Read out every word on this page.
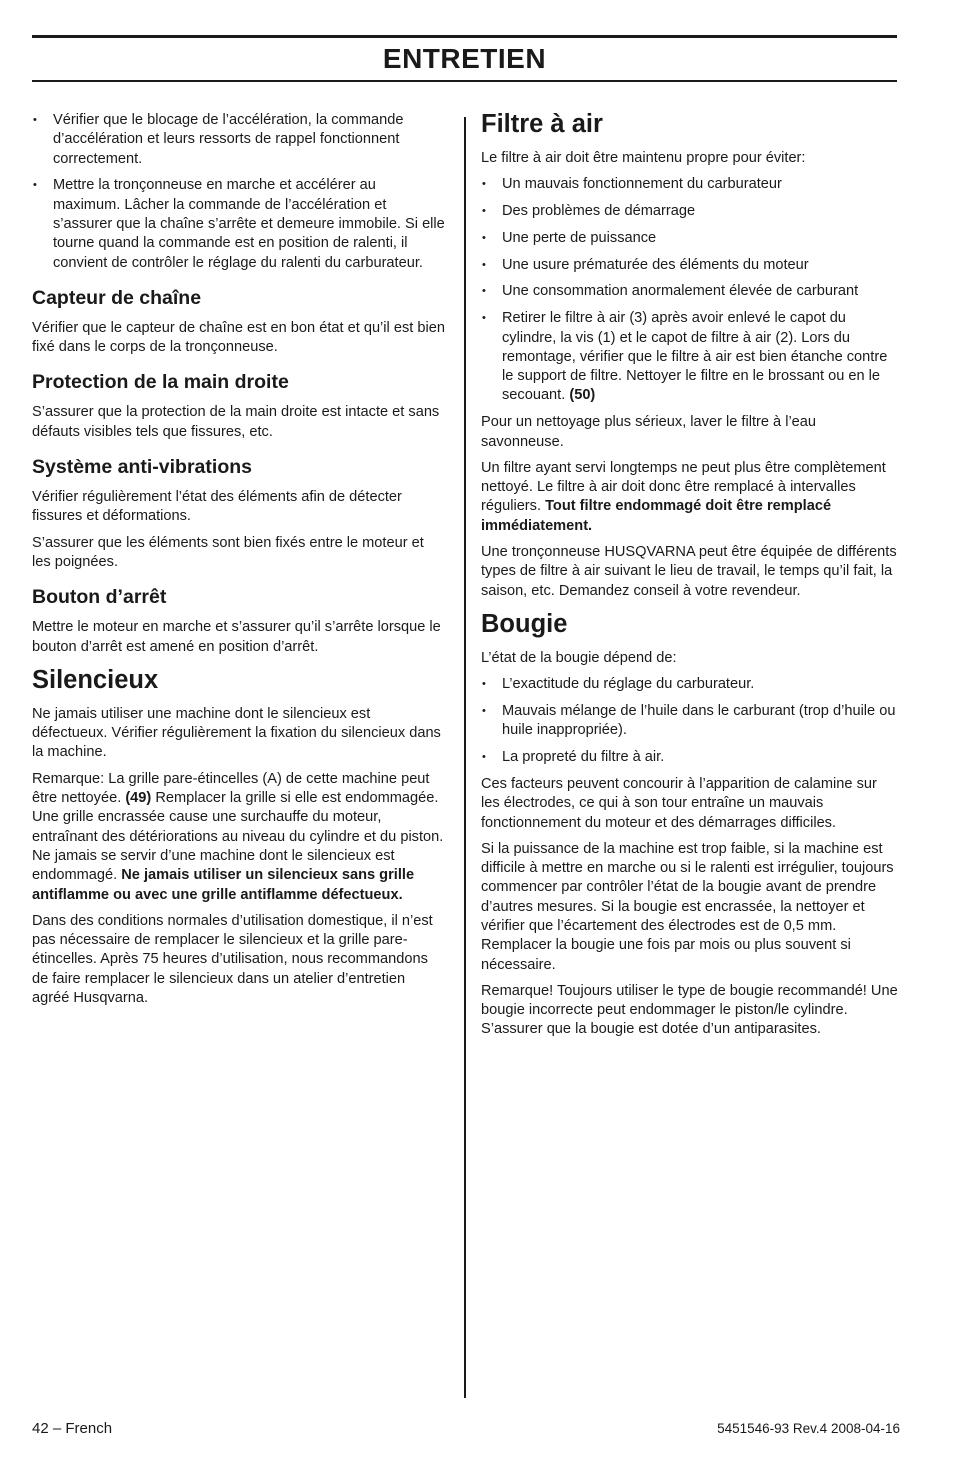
ENTRETIEN
• Vérifier que le blocage de l’accélération, la commande d’accélération et leurs ressorts de rappel fonctionnent correctement.
• Mettre la tronçonneuse en marche et accélérer au maximum. Lâcher la commande de l’accélération et s’assurer que la chaîne s’arrête et demeure immobile. Si elle tourne quand la commande est en position de ralenti, il convient de contrôler le réglage du ralenti du carburateur.
Capteur de chaîne

Vérifier que le capteur de chaîne est en bon état et qu’il est bien fixé dans le corps de la tronçonneuse.

Protection de la main droite

S’assurer que la protection de la main droite est intacte et sans défauts visibles tels que fissures, etc.

Système anti-vibrations

Vérifier régulièrement l’état des éléments afin de détecter fissures et déformations.

S’assurer que les éléments sont bien fixés entre le moteur et les poignées.

Bouton d’arrêt

Mettre le moteur en marche et s’assurer qu’il s’arrête lorsque le bouton d’arrêt est amené en position d’arrêt.

Silencieux

Ne jamais utiliser une machine dont le silencieux est défectueux. Vérifier régulièrement la fixation du silencieux dans la machine.

Remarque: La grille pare-étincelles (A) de cette machine peut être nettoyée. (49) Remplacer la grille si elle est endommagée. Une grille encrassée cause une surchauffe du moteur, entraînant des détériorations au niveau du cylindre et du piston. Ne jamais se servir d’une machine dont le silencieux est endommagé. Ne jamais utiliser un silencieux sans grille antiflamme ou avec une grille antiflamme défectueux.

Dans des conditions normales d’utilisation domestique, il n’est pas nécessaire de remplacer le silencieux et la grille pare-étincelles. Après 75 heures d’utilisation, nous recommandons de faire remplacer le silencieux dans un atelier d’entretien agréé Husqvarna.

Filtre à air

Le filtre à air doit être maintenu propre pour éviter:

• Un mauvais fonctionnement du carburateur
• Des problèmes de démarrage
• Une perte de puissance
• Une usure prématurée des éléments du moteur
• Une consommation anormalement élevée de carburant
• Retirer le filtre à air (3) après avoir enlevé le capot du cylindre, la vis (1) et le capot de filtre à air (2). Lors du remontage, vérifier que le filtre à air est bien étanche contre le support de filtre. Nettoyer le filtre en le brossant ou en le secouant. (50)

Pour un nettoyage plus sérieux, laver le filtre à l’eau savonneuse.

Un filtre ayant servi longtemps ne peut plus être complètement nettoyé. Le filtre à air doit donc être remplacé à intervalles réguliers. Tout filtre endommagé doit être remplacé immédiatement.

Une tronçonneuse HUSQVARNA peut être équipée de différents types de filtre à air suivant le lieu de travail, le temps qu’il fait, la saison, etc. Demandez conseil à votre revendeur.

Bougie

L’état de la bougie dépend de:

• L’exactitude du réglage du carburateur.
• Mauvais mélange de l’huile dans le carburant (trop d’huile ou huile inappropriée).
• La propreté du filtre à air.

Ces facteurs peuvent concourir à l’apparition de calamine sur les électrodes, ce qui à son tour entraîne un mauvais fonctionnement du moteur et des démarrages difficiles.

Si la puissance de la machine est trop faible, si la machine est difficile à mettre en marche ou si le ralenti est irrégulier, toujours commencer par contrôler l’état de la bougie avant de prendre d’autres mesures. Si la bougie est encrassée, la nettoyer et vérifier que l’écartement des électrodes est de 0,5 mm. Remplacer la bougie une fois par mois ou plus souvent si nécessaire.

Remarque! Toujours utiliser le type de bougie recommandé! Une bougie incorrecte peut endommager le piston/le cylindre. S’assurer que la bougie est dotée d’un antiparasites.

42 – French	5451546-93 Rev.4 2008-04-16
